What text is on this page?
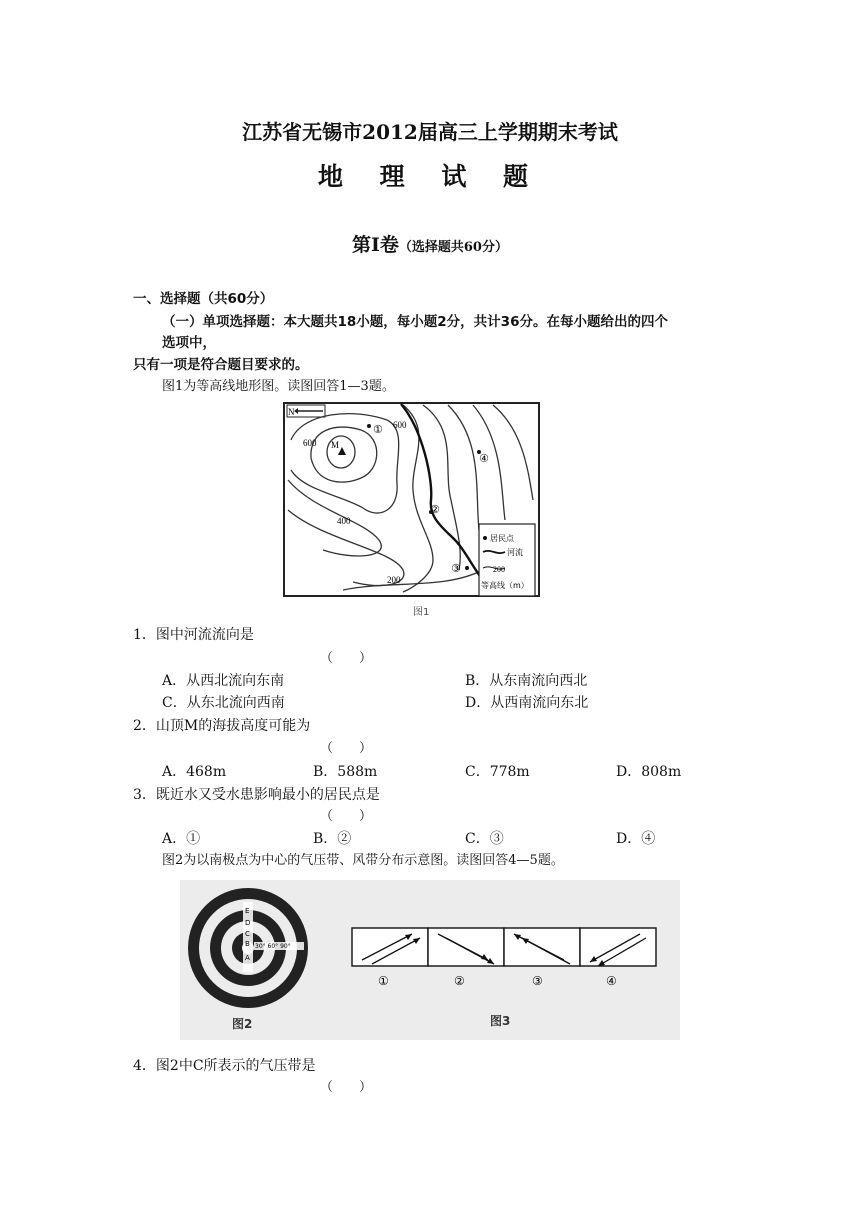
江苏省无锡市2012届高三上学期期末考试
地 理 试 题
第Ⅰ卷（选择题共60分）
一、选择题（共60分）
（一）单项选择题：本大题共18小题，每小题2分，共计36分。在每小题给出的四个
选项中，
只有一项是符合题目要求的。
图1为等高线地形图。读图回答1—3题。
N
M
600
600
400
200
①
②
③
④
居民点
河流
200
等高线（m）
图1
1．图中河流流向是
（　　）
A．从西北流向东南	B．从东南流向西北
C．从东北流向西南	D．从西南流向东北
2．山顶M的海拔高度可能为
（　　）
A．468m	B．588m	C．778m	D．808m
3．既近水又受水患影响最小的居民点是
（　　）
A．①	B．②	C．③	D．④
图2为以南极点为中心的气压带、风带分布示意图。读图回答4—5题。
E
D
C
B
A
30° 60° 90°
图2
①	②	③	④
图3
4．图2中C所表示的气压带是
（　　）
